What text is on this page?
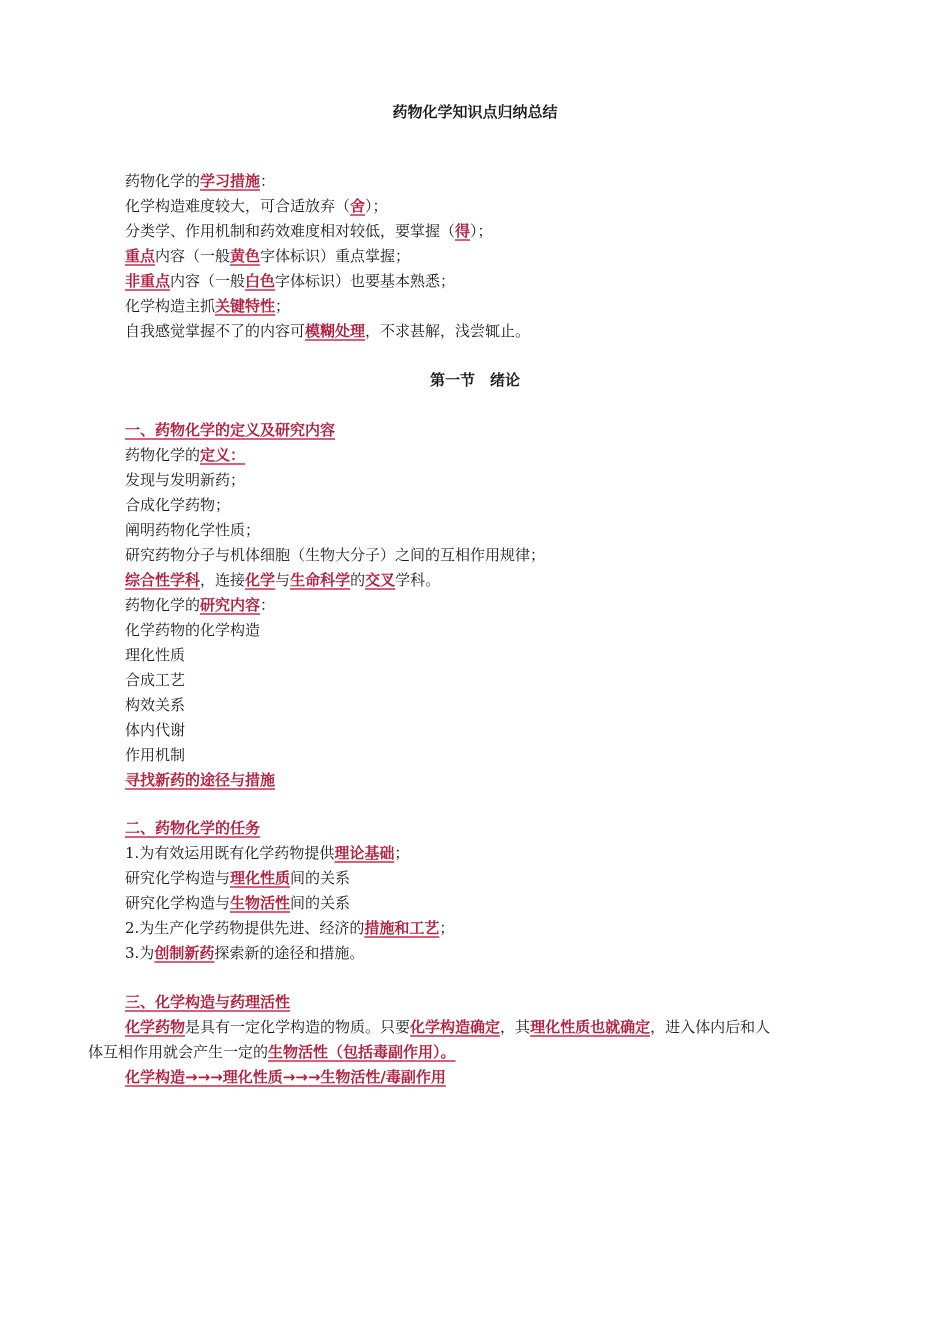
药物化学知识点归纳总结
药物化学的学习措施：
化学构造难度较大，可合适放弃（舍）；
分类学、作用机制和药效难度相对较低，要掌握（得）；
重点内容（一般黄色字体标识）重点掌握；
非重点内容（一般白色字体标识）也要基本熟悉；
化学构造主抓关键特性；
自我感觉掌握不了的内容可模糊处理，不求甚解，浅尝辄止。
第一节　绪论
一、药物化学的定义及研究内容
药物化学的定义：
发现与发明新药；
合成化学药物；
阐明药物化学性质；
研究药物分子与机体细胞（生物大分子）之间的互相作用规律；
综合性学科，连接化学与生命科学的交叉学科。
药物化学的研究内容：
化学药物的化学构造
理化性质
合成工艺
构效关系
体内代谢
作用机制
寻找新药的途径与措施
二、药物化学的任务
1.为有效运用既有化学药物提供理论基础；
研究化学构造与理化性质间的关系
研究化学构造与生物活性间的关系
2.为生产化学药物提供先进、经济的措施和工艺；
3.为创制新药探索新的途径和措施。
三、化学构造与药理活性
化学药物是具有一定化学构造的物质。只要化学构造确定，其理化性质也就确定，进入体内后和人
体互相作用就会产生一定的生物活性（包括毒副作用）。
化学构造→→→理化性质→→→生物活性/毒副作用
